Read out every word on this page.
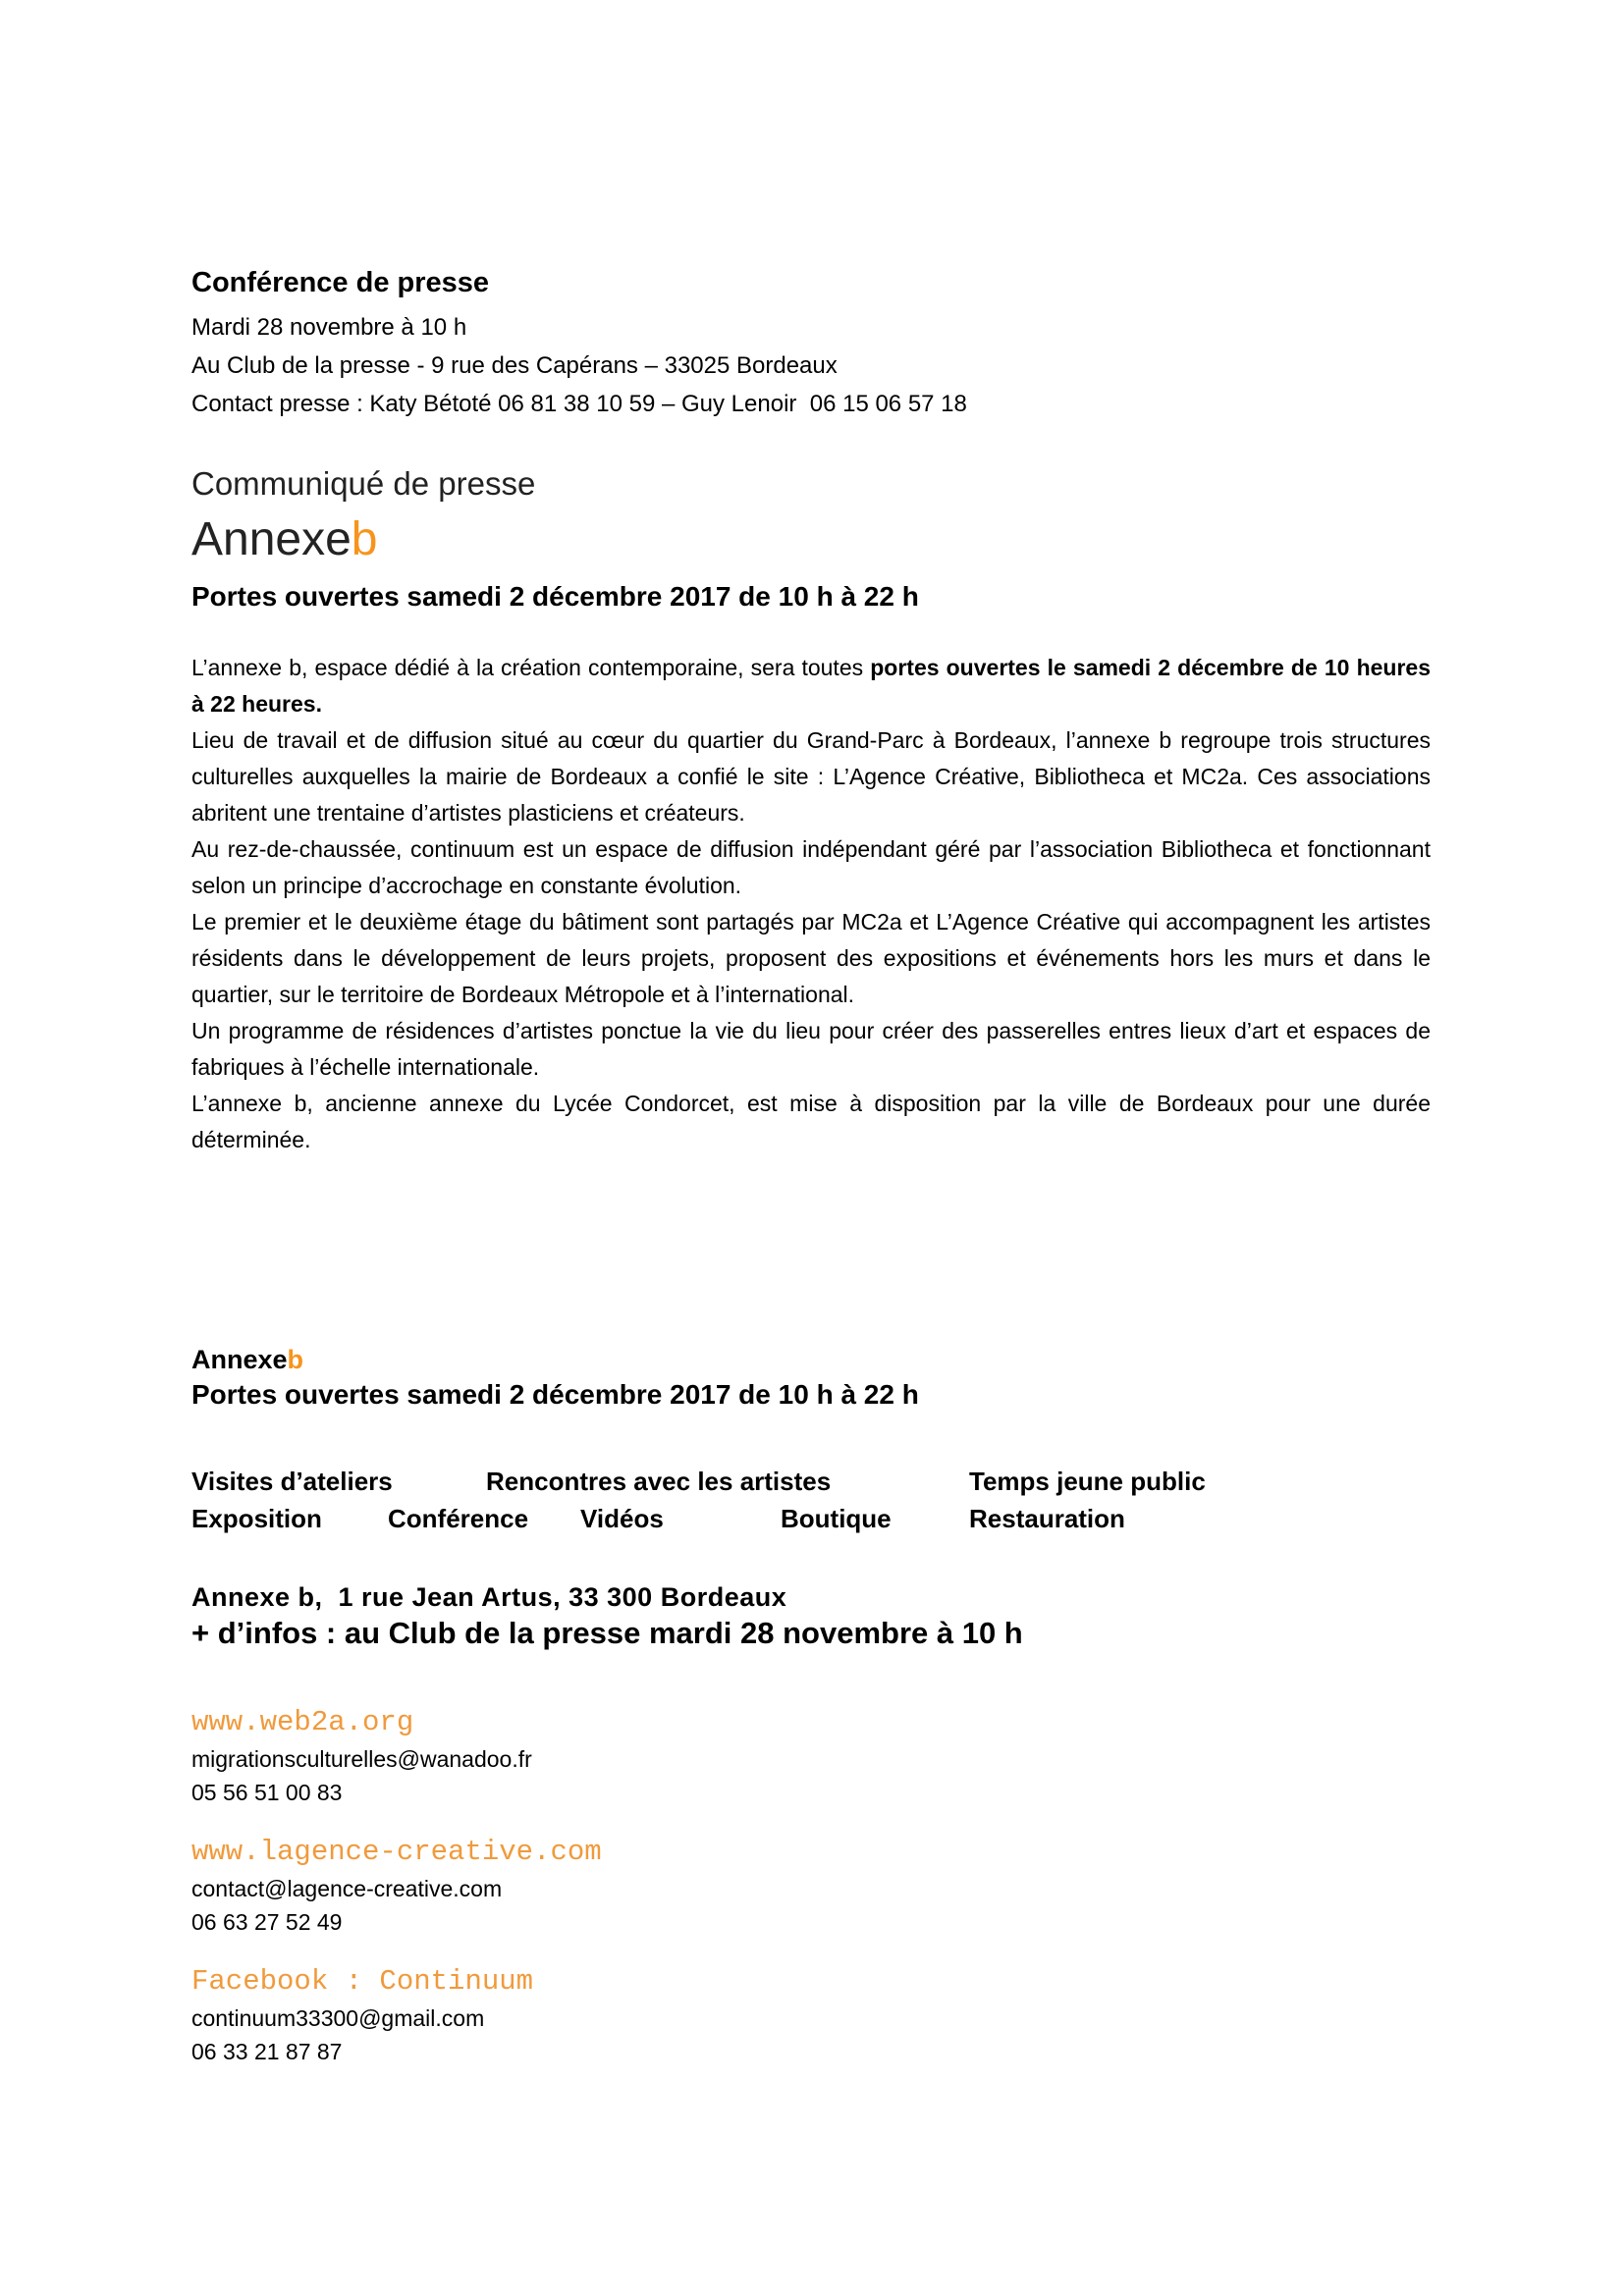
Conférence de presse
Mardi 28 novembre à 10 h
Au Club de la presse - 9 rue des Capérans – 33025 Bordeaux
Contact presse : Katy Bétoté 06 81 38 10 59 – Guy Lenoir  06 15 06 57 18
Communiqué de presse
Annexeb
Portes ouvertes samedi 2 décembre 2017 de 10 h à 22 h

L’annexe b, espace dédié à la création contemporaine, sera toutes portes ouvertes le samedi 2 décembre de 10 heures à 22 heures.

Lieu de travail et de diffusion situé au cœur du quartier du Grand-Parc à Bordeaux, l’annexe b regroupe trois structures culturelles auxquelles la mairie de Bordeaux a confié le site : L’Agence Créative, Bibliotheca et MC2a. Ces associations abritent une trentaine d’artistes plasticiens et créateurs.

Au rez-de-chaussée, continuum est un espace de diffusion indépendant géré par l’association Bibliotheca et fonctionnant selon un principe d’accrochage en constante évolution.

Le premier et le deuxième étage du bâtiment sont partagés par MC2a et L’Agence Créative qui accompagnent les artistes résidents dans le développement de leurs projets, proposent des expositions et événements hors les murs et dans le quartier, sur le territoire de Bordeaux Métropole et à l’international.

Un programme de résidences d’artistes ponctue la vie du lieu pour créer des passerelles entres lieux d’art et espaces de fabriques à l’échelle internationale.

L’annexe b, ancienne annexe du Lycée Condorcet, est mise à disposition par la ville de Bordeaux pour une durée déterminée.

Annexeb
Portes ouvertes samedi 2 décembre 2017 de 10 h à 22 h
Visites d’ateliers	Rencontres avec les artistes	Temps jeune public
Exposition	Conférence Vidéos	Boutique	Restauration
Annexe b,  1 rue Jean Artus, 33 300 Bordeaux
+ d’infos : au Club de la presse mardi 28 novembre à 10 h
www.web2a.org
migrationsculturelles@wanadoo.fr
05 56 51 00 83
www.lagence-creative.com
contact@lagence-creative.com
06 63 27 52 49
Facebook : Continuum
continuum33300@gmail.com
06 33 21 87 87
